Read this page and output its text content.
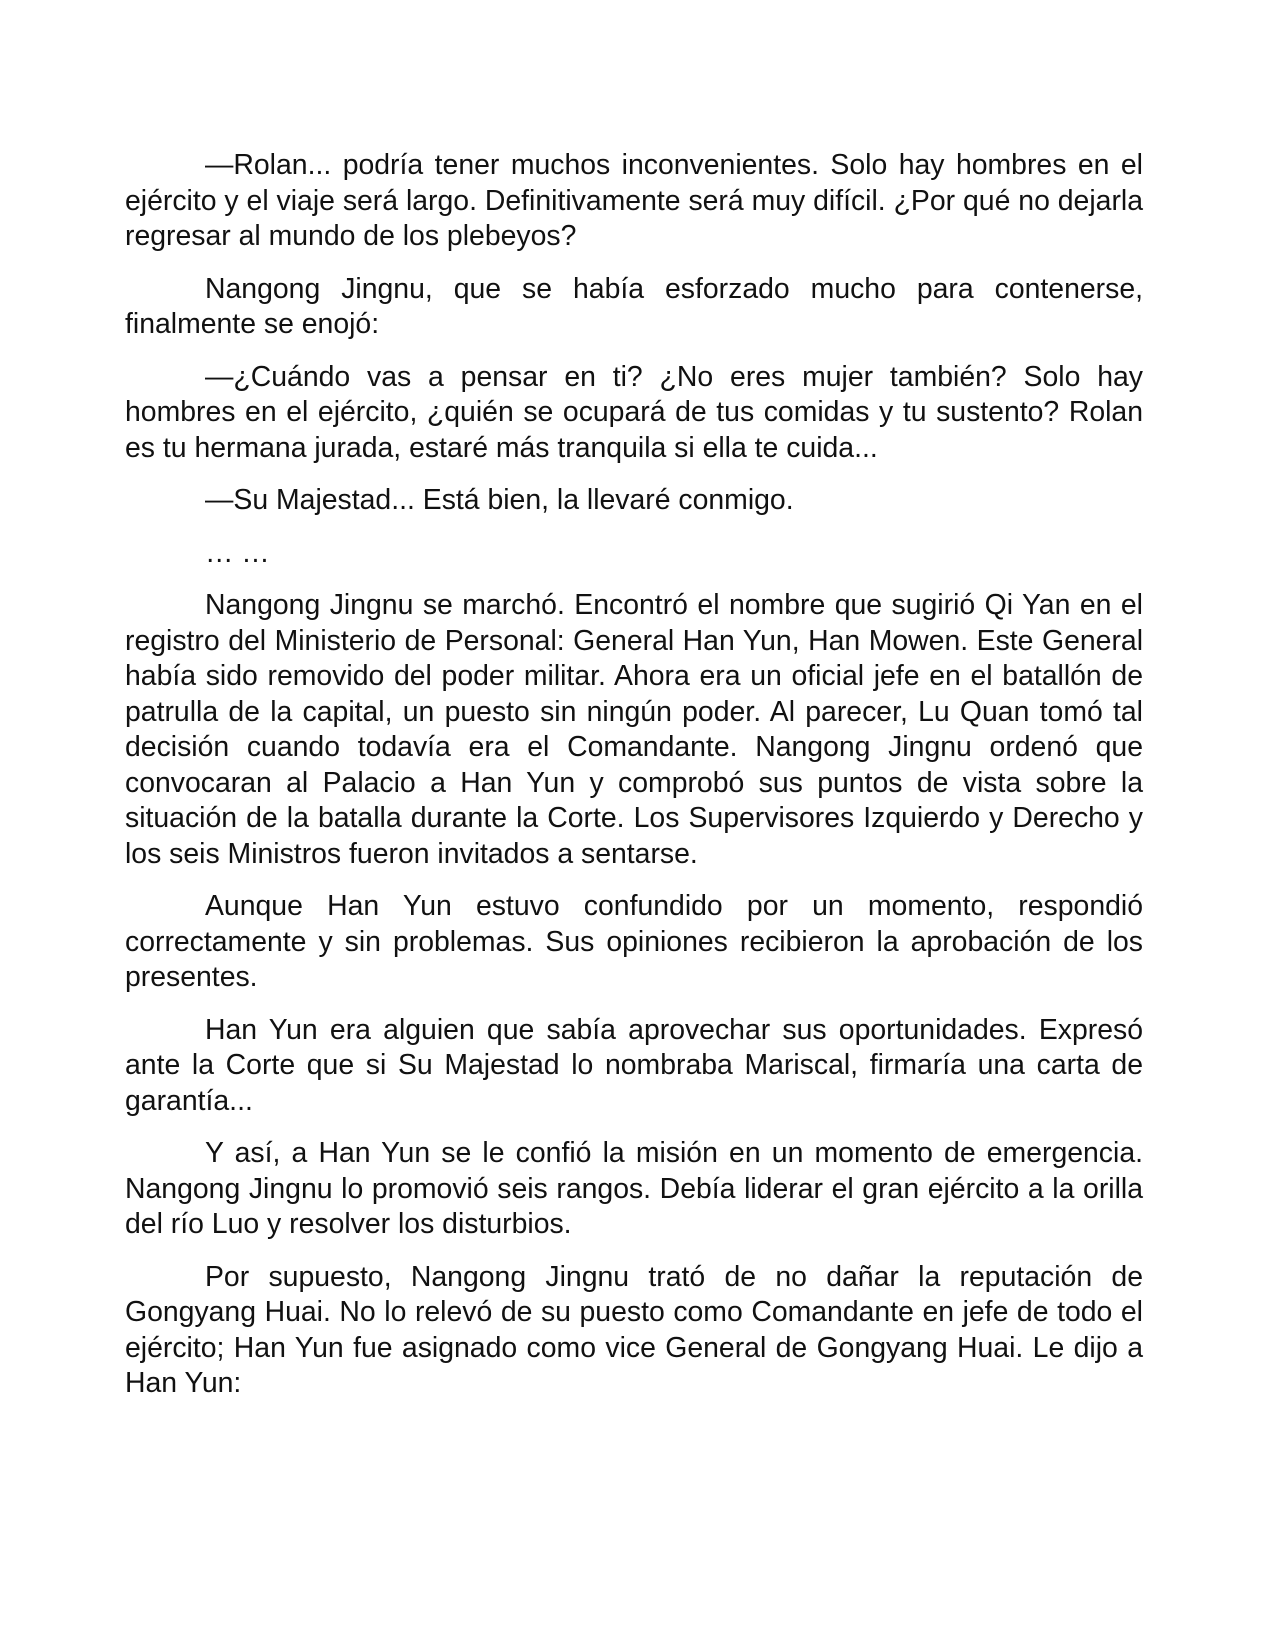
—Rolan... podría tener muchos inconvenientes. Solo hay hombres en el ejército y el viaje será largo. Definitivamente será muy difícil. ¿Por qué no dejarla regresar al mundo de los plebeyos?

Nangong Jingnu, que se había esforzado mucho para contenerse, finalmente se enojó:

—¿Cuándo vas a pensar en ti? ¿No eres mujer también? Solo hay hombres en el ejército, ¿quién se ocupará de tus comidas y tu sustento? Rolan es tu hermana jurada, estaré más tranquila si ella te cuida...

—Su Majestad... Está bien, la llevaré conmigo.

… …

Nangong Jingnu se marchó. Encontró el nombre que sugirió Qi Yan en el registro del Ministerio de Personal: General Han Yun, Han Mowen. Este General había sido removido del poder militar. Ahora era un oficial jefe en el batallón de patrulla de la capital, un puesto sin ningún poder. Al parecer, Lu Quan tomó tal decisión cuando todavía era el Comandante. Nangong Jingnu ordenó que convocaran al Palacio a Han Yun y comprobó sus puntos de vista sobre la situación de la batalla durante la Corte. Los Supervisores Izquierdo y Derecho y los seis Ministros fueron invitados a sentarse.

Aunque Han Yun estuvo confundido por un momento, respondió correctamente y sin problemas. Sus opiniones recibieron la aprobación de los presentes.

Han Yun era alguien que sabía aprovechar sus oportunidades. Expresó ante la Corte que si Su Majestad lo nombraba Mariscal, firmaría una carta de garantía...

Y así, a Han Yun se le confió la misión en un momento de emergencia. Nangong Jingnu lo promovió seis rangos. Debía liderar el gran ejército a la orilla del río Luo y resolver los disturbios.

Por supuesto, Nangong Jingnu trató de no dañar la reputación de Gongyang Huai. No lo relevó de su puesto como Comandante en jefe de todo el ejército; Han Yun fue asignado como vice General de Gongyang Huai. Le dijo a Han Yun:
